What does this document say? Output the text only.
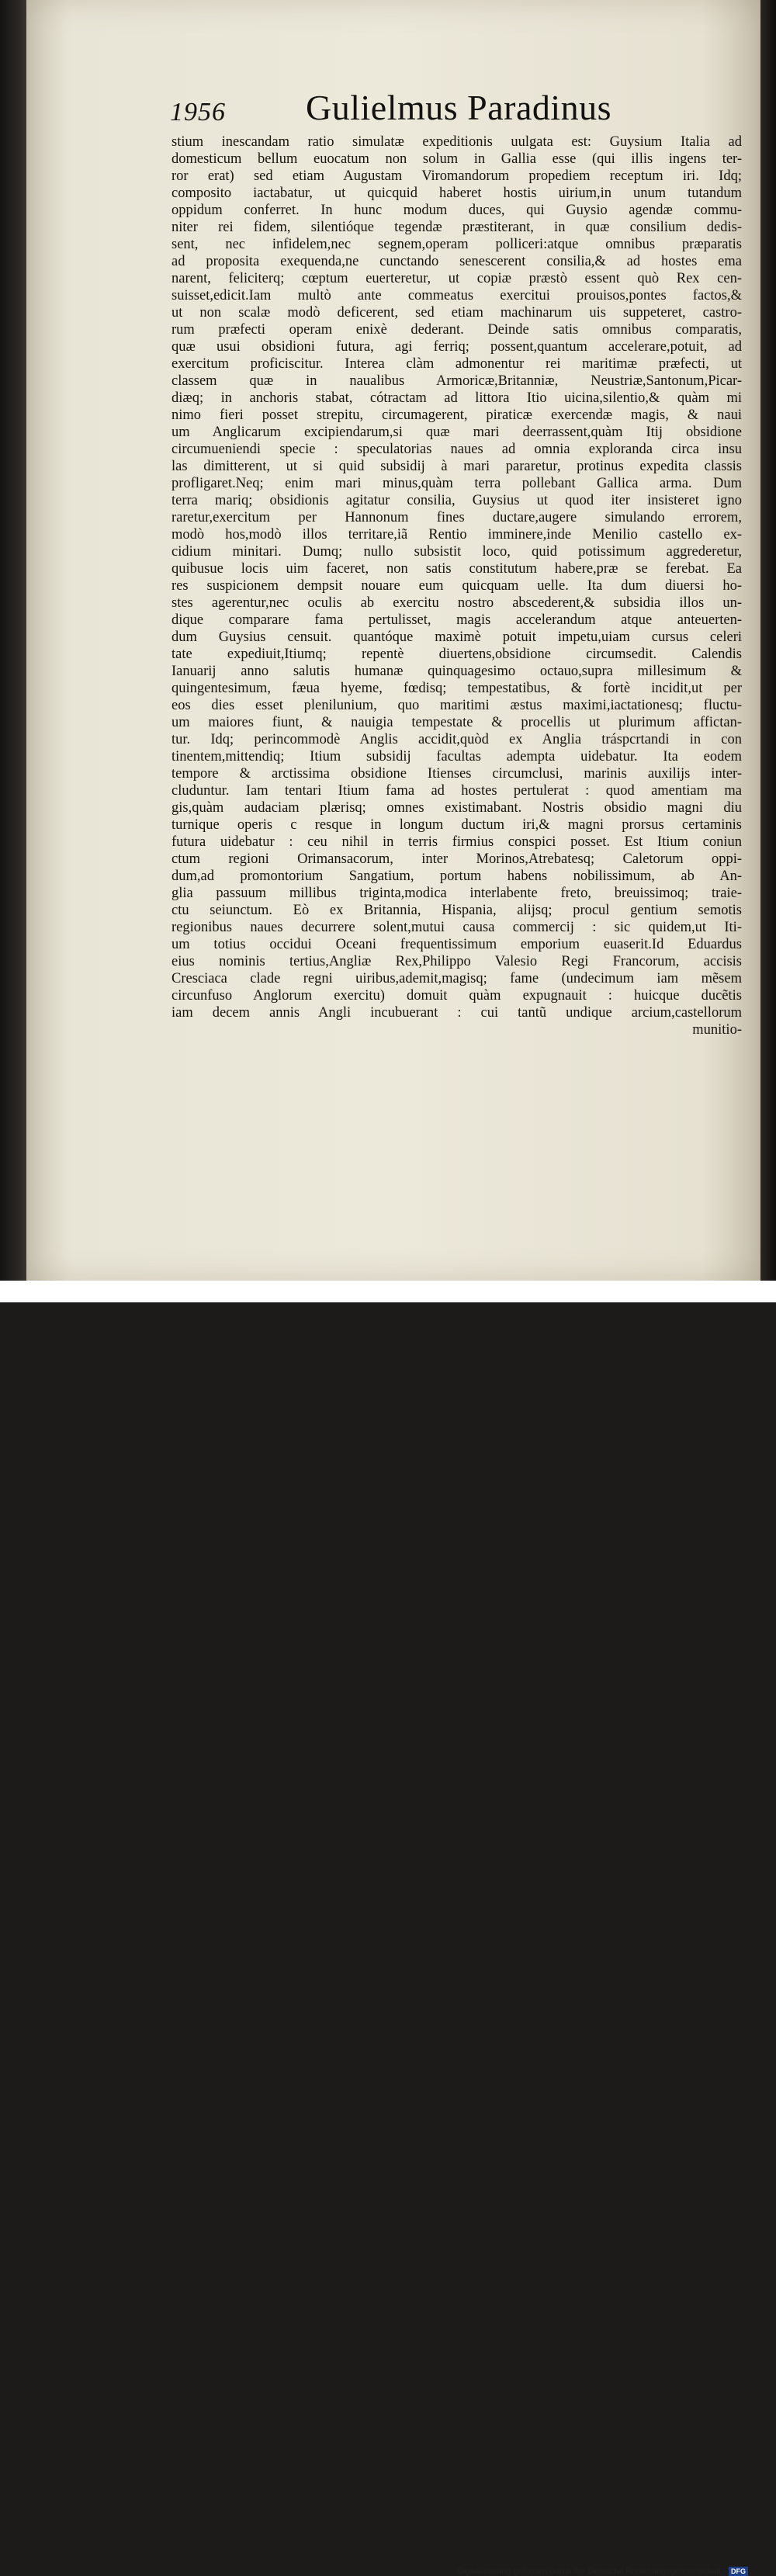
1956 Gulielmus Paradinus
stium inescandam ratio simulatæ expeditionis uulgata est: Guysium Italia ad
domesticum bellum euocatum non solum in Gallia esse (qui illis ingens ter-
ror erat) sed etiam Augustam Viromandorum propediem receptum iri. Idq;
composito iactabatur, ut quicquid haberet hostis uirium,in unum tutandum
oppidum conferret. In hunc modum duces, qui Guysio agendæ commu-
niter rei fidem, silentióque tegendæ præstiterant, in quæ consilium dedis-
sent, nec infidelem,nec segnem,operam polliceri:atque omnibus præparatis
ad proposita exequenda,ne cunctando senescerent consilia,& ad hostes ema
narent, feliciterq; cœptum euerteretur, ut copiæ præstò essent quò Rex cen-
suisset,edicit.Iam multò ante commeatus exercitui prouisos,pontes factos,&
ut non scalæ modò deficerent, sed etiam machinarum uis suppeteret, castro-
rum præfecti operam enixè dederant. Deinde satis omnibus comparatis,
quæ usui obsidioni futura, agi ferriq; possent,quantum accelerare,potuit, ad
exercitum proficiscitur. Interea clàm admonentur rei maritimæ præfecti, ut
classem quæ in naualibus Armoricæ,Britanniæ, Neustriæ,Santonum,Picar-
diæq; in anchoris stabat, cótractam ad littora Itio uicina,silentio,& quàm mi
nimo fieri posset strepitu, circumagerent, piraticæ exercendæ magis, & naui
um Anglicarum excipiendarum,si quæ mari deerrassent,quàm Itij obsidione
circumueniendi specie : speculatorias naues ad omnia exploranda circa insu
las dimitterent, ut si quid subsidij à mari pararetur, protinus expedita classis
profligaret.Neq; enim mari minus,quàm terra pollebant Gallica arma. Dum
terra mariq; obsidionis agitatur consilia, Guysius ut quod iter insisteret igno
raretur,exercitum per Hannonum fines ductare,augere simulando errorem,
modò hos,modò illos territare,iã Rentio imminere,inde Menilio castello ex-
cidium minitari. Dumq; nullo subsistit loco, quid potissimum aggrederetur,
quibusue locis uim faceret, non satis constitutum habere,præ se ferebat. Ea
res suspicionem dempsit nouare eum quicquam uelle. Ita dum diuersi ho-
stes agerentur,nec oculis ab exercitu nostro abscederent,& subsidia illos un-
dique comparare fama pertulisset, magis accelerandum atque anteuerten-
dum Guysius censuit. quantóque maximè potuit impetu,uiam cursus celeri
tate expediuit,Itiumq; repentè diuertens,obsidione circumsedit. Calendis
Ianuarij anno salutis humanæ quinquagesimo octauo,supra millesimum &
quingentesimum, fæua hyeme, fœdisq; tempestatibus, & fortè incidit,ut per
eos dies esset plenilunium, quo maritimi æstus maximi,iactationesq; fluctu-
um maiores fiunt, & nauigia tempestate & procellis ut plurimum affictan-
tur. Idq; perincommodè Anglis accidit,quòd ex Anglia tráspcrtandi in con
tinentem,mittendiq; Itium subsidij facultas adempta uidebatur. Ita eodem
tempore & arctissima obsidione Itienses circumclusi, marinis auxilijs inter-
cluduntur. Iam tentari Itium fama ad hostes pertulerat : quod amentiam ma
gis,quàm audaciam plærisq; omnes existimabant. Nostris obsidio magni diu
turnique operis c resque in longum ductum iri,& magni prorsus certaminis
futura uidebatur : ceu nihil in terris firmius conspici posset. Est Itium coniun
ctum regioni Orimansacorum, inter Morinos,Atrebatesq; Caletorum oppi-
dum,ad promontorium Sangatium, portum habens nobilissimum, ab An-
glia passuum millibus triginta,modica interlabente freto, breuissimoq; traie-
ctu seiunctum. Eò ex Britannia, Hispania, alijsq; procul gentium semotis
regionibus naues decurrere solent,mutui causa commercij : sic quidem,ut Iti-
um totius occidui Oceani frequentissimum emporium euaserit.Id Eduardus
eius nominis tertius,Angliæ Rex,Philippo Valesio Regi Francorum, accisis
Cresciaca clade regni uiribus,ademit,magisq; fame (undecimum iam mẽsem
circunfuso Anglorum exercitu) domuit quàm expugnauit : huicque ducẽtis
iam decem annis Angli incubuerant : cui tantũ undique arcium,castellorum
munitio-
Digitalisierung gefördert durch die Deutsche Forschungsgemeinschaft - DFG
